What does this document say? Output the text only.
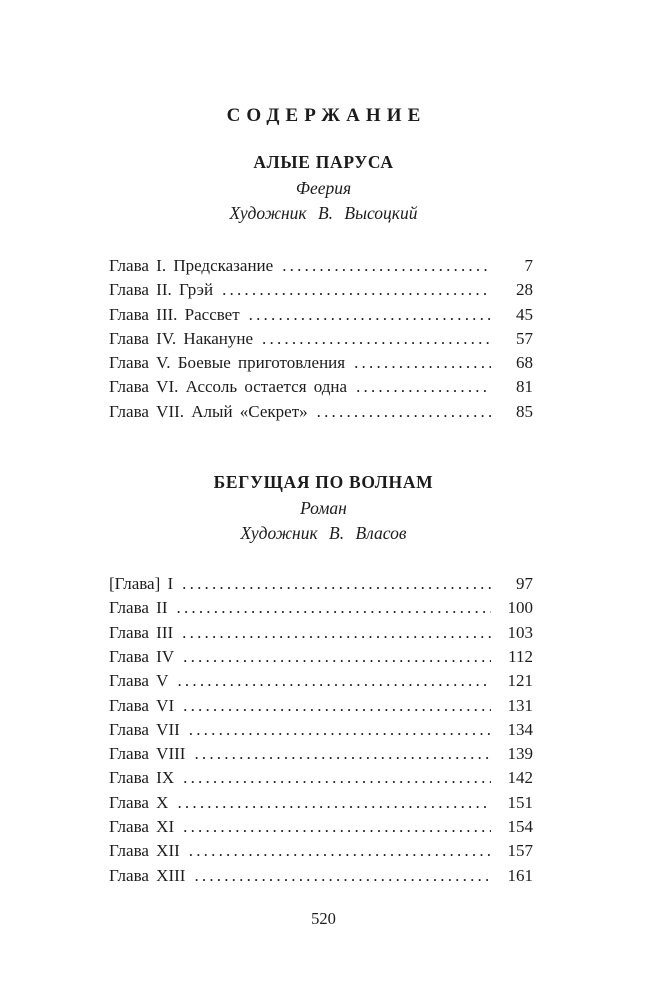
СОДЕРЖАНИЕ
АЛЫЕ ПАРУСА

Феерия

Художник В. Высоцкий

Глава I. Предсказание .....	7
Глава II. Грэй .....	28
Глава III. Рассвет .....	45
Глава IV. Накануне .....	57
Глава V. Боевые приготовления .....	68
Глава VI. Ассоль остается одна .....	81
Глава VII. Алый «Секрет» .....	85
БЕГУЩАЯ ПО ВОЛНАМ

Роман

Художник В. Власов

[Глава] I .....	97
Глава II .....	100
Глава III .....	103
Глава IV .....	112
Глава V .....	121
Глава VI .....	131
Глава VII .....	134
Глава VIII .....	139
Глава IX .....	142
Глава X .....	151
Глава XI .....	154
Глава XII .....	157
Глава XIII .....	161
520
